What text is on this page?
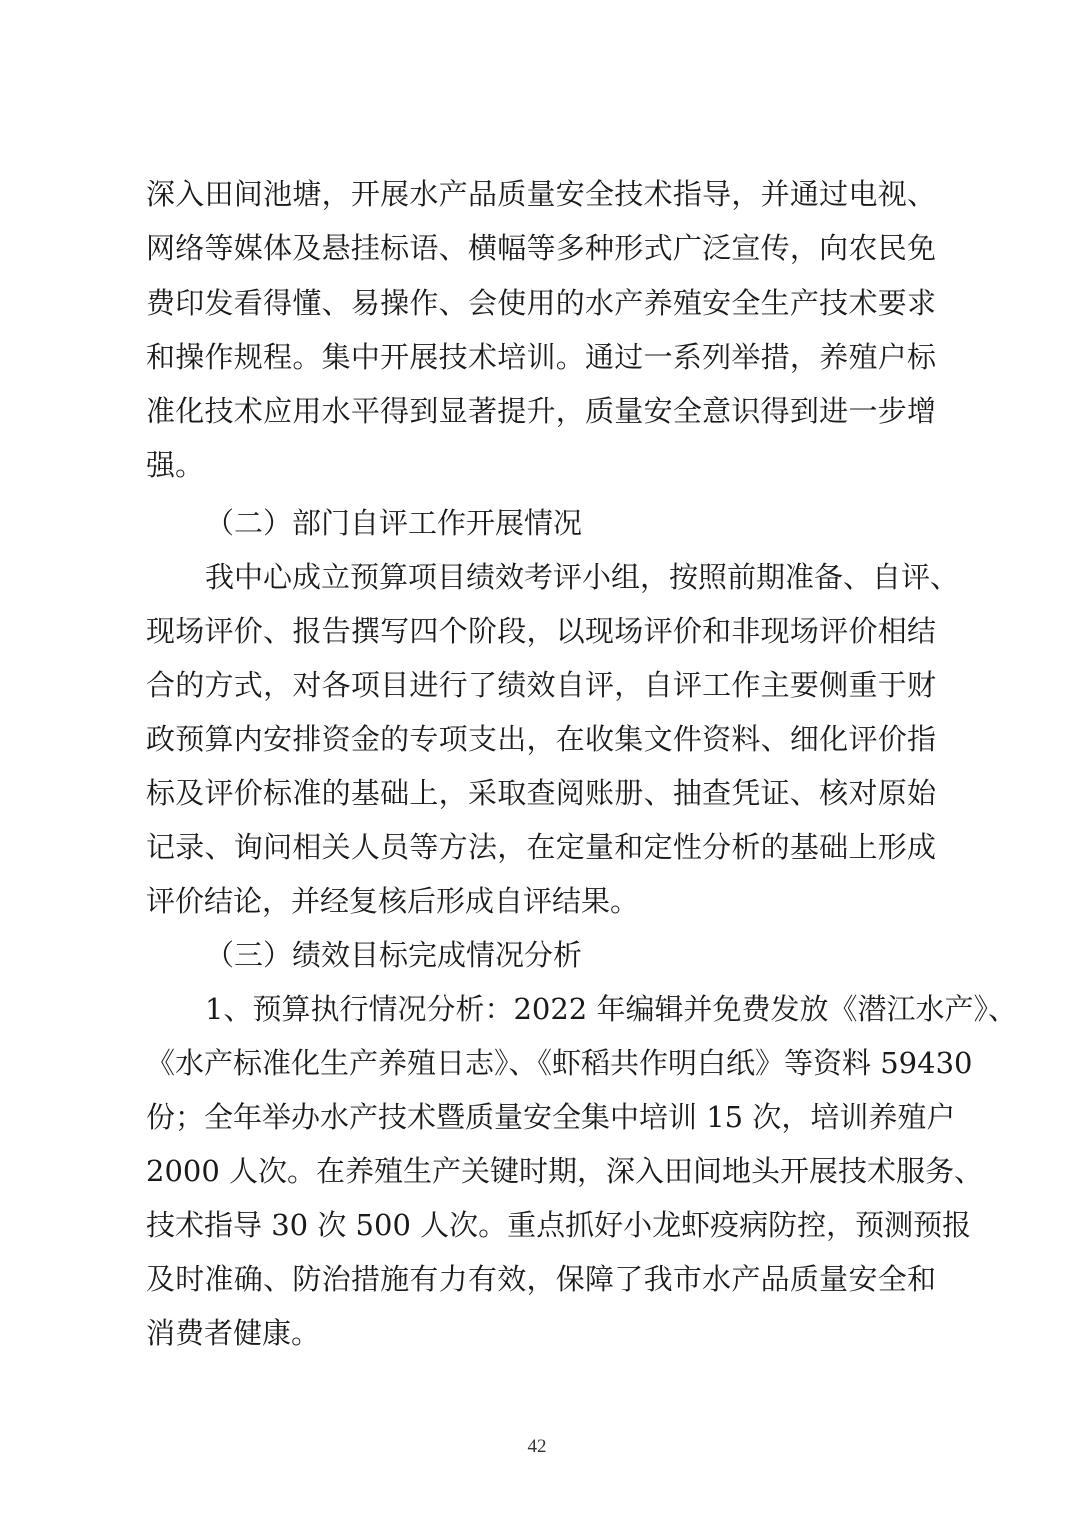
深入田间池塘，开展水产品质量安全技术指导，并通过电视、
网络等媒体及悬挂标语、横幅等多种形式广泛宣传，向农民免
费印发看得懂、易操作、会使用的水产养殖安全生产技术要求
和操作规程。集中开展技术培训。通过一系列举措，养殖户标
准化技术应用水平得到显著提升，质量安全意识得到进一步增
强。
（二）部门自评工作开展情况
我中心成立预算项目绩效考评小组，按照前期准备、自评、
现场评价、报告撰写四个阶段，以现场评价和非现场评价相结
合的方式，对各项目进行了绩效自评，自评工作主要侧重于财
政预算内安排资金的专项支出，在收集文件资料、细化评价指
标及评价标准的基础上，采取查阅账册、抽查凭证、核对原始
记录、询问相关人员等方法，在定量和定性分析的基础上形成
评价结论，并经复核后形成自评结果。
（三）绩效目标完成情况分析
1、预算执行情况分析：2022 年编辑并免费发放《潜江水产》、
《水产标准化生产养殖日志》、《虾稻共作明白纸》等资料 59430
份；全年举办水产技术暨质量安全集中培训 15 次，培训养殖户
2000 人次。在养殖生产关键时期，深入田间地头开展技术服务、
技术指导 30 次 500 人次。重点抓好小龙虾疫病防控，预测预报
及时准确、防治措施有力有效，保障了我市水产品质量安全和
消费者健康。
42
